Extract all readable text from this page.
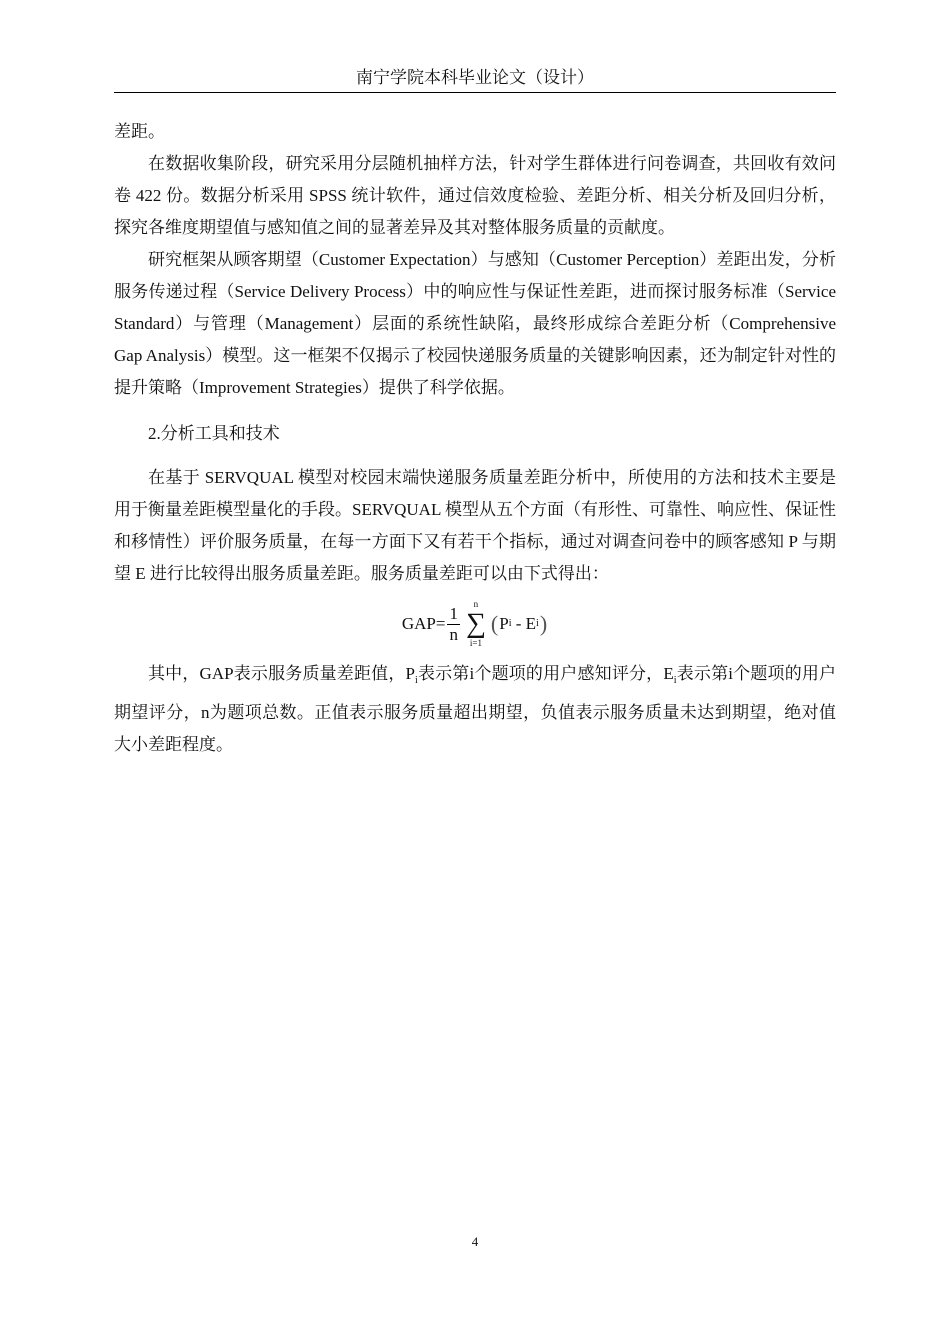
南宁学院本科毕业论文（设计）

差距。

在数据收集阶段，研究采用分层随机抽样方法，针对学生群体进行问卷调查，共回收有效问卷 422 份。数据分析采用 SPSS 统计软件，通过信效度检验、差距分析、相关分析及回归分析，探究各维度期望值与感知值之间的显著差异及其对整体服务质量的贡献度。

研究框架从顾客期望（Customer Expectation）与感知（Customer Perception）差距出发，分析服务传递过程（Service Delivery Process）中的响应性与保证性差距，进而探讨服务标准（Service Standard）与管理（Management）层面的系统性缺陷，最终形成综合差距分析（Comprehensive Gap Analysis）模型。这一框架不仅揭示了校园快递服务质量的关键影响因素，还为制定针对性的提升策略（Improvement Strategies）提供了科学依据。

2.分析工具和技术

在基于 SERVQUAL 模型对校园末端快递服务质量差距分析中，所使用的方法和技术主要是用于衡量差距模型量化的手段。SERVQUAL 模型从五个方面（有形性、可靠性、响应性、保证性和移情性）评价服务质量，在每一方面下又有若干个指标，通过对调查问卷中的顾客感知 P 与期望 E 进行比较得出服务质量差距。服务质量差距可以由下式得出：

$GAP= \frac{1}{n}$ n
∑
i=1
( P i - E i )

其中，GAP表示服务质量差距值，$P_i$表示第i个题项的用户感知评分，$E_i$表示第i个题项的用户期望评分，n为题项总数。正值表示服务质量超出期望，负值表示服务质量未达到期望，绝对值大小差距程度。

4
